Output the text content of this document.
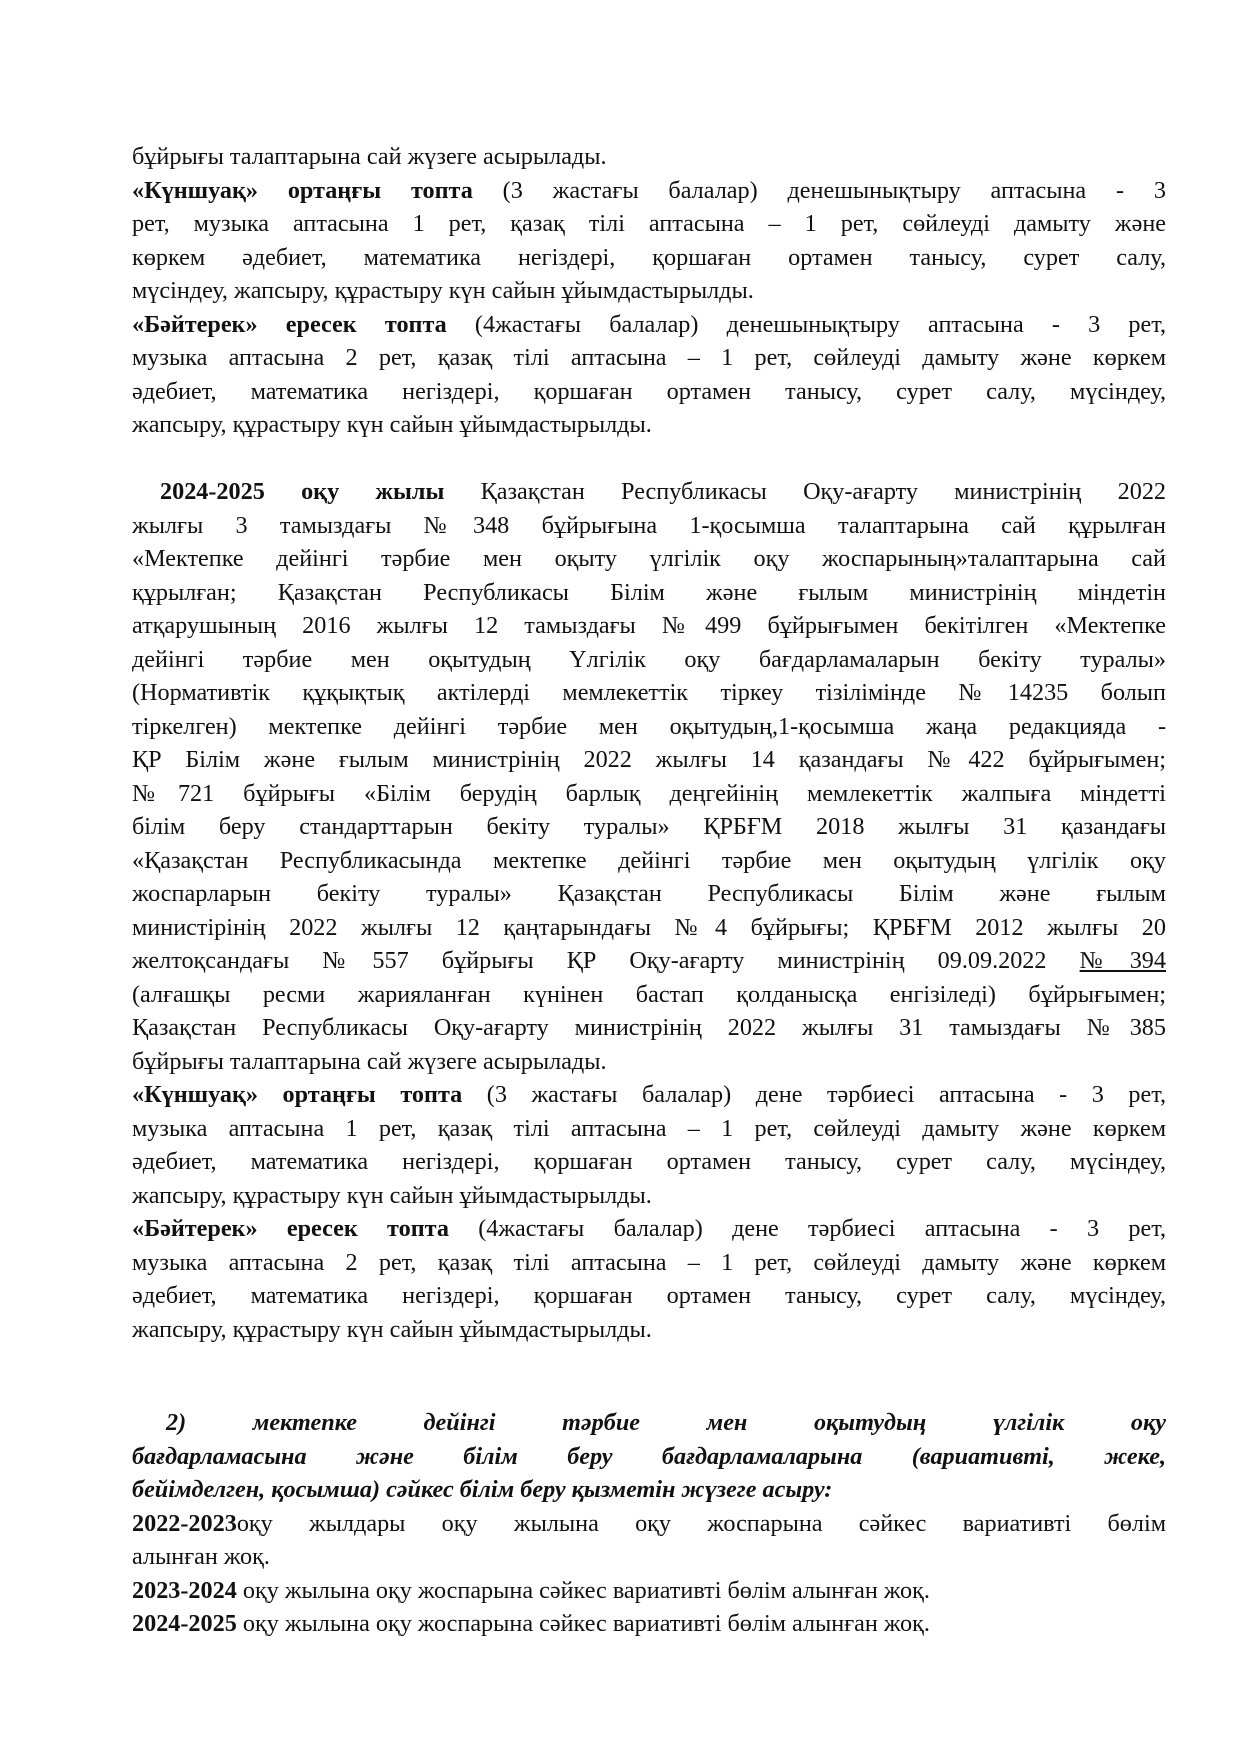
бұйрығы талаптарына сай жүзеге асырылады.
«Күншуақ» ортаңғы топта (3 жастағы балалар) денешынықтыру аптасына - 3
рет, музыка аптасына 1 рет, қазақ тілі аптасына – 1 рет, сөйлеуді дамыту және
көркем әдебиет, математика негіздері, қоршаған ортамен танысу, сурет салу,
мүсіндеу, жапсыру, құрастыру күн сайын ұйымдастырылды.
«Бәйтерек» ересек топта (4жастағы балалар) денешынықтыру аптасына - 3 рет,
музыка аптасына 2 рет, қазақ тілі аптасына – 1 рет, сөйлеуді дамыту және көркем
әдебиет, математика негіздері, қоршаған ортамен танысу, сурет салу, мүсіндеу,
жапсыру, құрастыру күн сайын ұйымдастырылды.
2024-2025 оқу жылы Қазақстан Республикасы Оқу-ағарту министрінің 2022
жылғы 3 тамыздағы №348 бұйрығына 1-қосымша талаптарына сай құрылған
«Мектепке дейінгі тәрбие мен оқыту үлгілік оқу жоспарының»талаптарына сай
құрылған; Қазақстан Республикасы Білім және ғылым министрінің міндетін
атқарушының 2016 жылғы 12 тамыздағы №499 бұйрығымен бекітілген «Мектепке
дейінгі тәрбие мен оқытудың Үлгілік оқу бағдарламаларын бекіту туралы»
(Нормативтік құқықтық актілерді мемлекеттік тіркеу тізілімінде №14235 болып
тіркелген) мектепке дейінгі тәрбие мен оқытудың,1-қосымша жаңа редакцияда -
ҚР Білім және ғылым министрінің 2022 жылғы 14 қазандағы №422 бұйрығымен;
№721 бұйрығы «Білім берудің барлық деңгейінің мемлекеттік жалпыға міндетті
білім беру стандарттарын бекіту туралы» ҚРБҒМ 2018 жылғы 31 қазандағы
«Қазақстан Республикасында мектепке дейінгі тәрбие мен оқытудың үлгілік оқу
жоспарларын бекіту туралы» Қазақстан Республикасы Білім және ғылым
министірінің 2022 жылғы 12 қаңтарындағы №4 бұйрығы; ҚРБҒМ 2012 жылғы 20
желтоқсандағы №557 бұйрығы ҚР Оқу-ағарту министрінің 09.09.2022 №394
(алғашқы ресми жарияланған күнінен бастап қолданысқа енгізіледі) бұйрығымен;
Қазақстан Республикасы Оқу-ағарту министрінің 2022 жылғы 31 тамыздағы №385
бұйрығы талаптарына сай жүзеге асырылады.
«Күншуақ» ортаңғы топта (3 жастағы балалар) дене тәрбиесі аптасына - 3 рет,
музыка аптасына 1 рет, қазақ тілі аптасына – 1 рет, сөйлеуді дамыту және көркем
әдебиет, математика негіздері, қоршаған ортамен танысу, сурет салу, мүсіндеу,
жапсыру, құрастыру күн сайын ұйымдастырылды.
«Бәйтерек» ересек топта (4жастағы балалар) дене тәрбиесі аптасына - 3 рет,
музыка аптасына 2 рет, қазақ тілі аптасына – 1 рет, сөйлеуді дамыту және көркем
әдебиет, математика негіздері, қоршаған ортамен танысу, сурет салу, мүсіндеу,
жапсыру, құрастыру күн сайын ұйымдастырылды.
2) мектепке дейінгі тәрбие мен оқытудың үлгілік оқу
бағдарламасына және білім беру бағдарламаларына (вариативті, жеке,
бейімделген, қосымша) сәйкес білім беру қызметін жүзеге асыру:
2022-2023оқу жылдары оқу жылына оқу жоспарына сәйкес вариативті бөлім
алынған жоқ.
2023-2024 оқу жылына оқу жоспарына сәйкес вариативті бөлім алынған жоқ.
2024-2025 оқу жылына оқу жоспарына сәйкес вариативті бөлім алынған жоқ.
